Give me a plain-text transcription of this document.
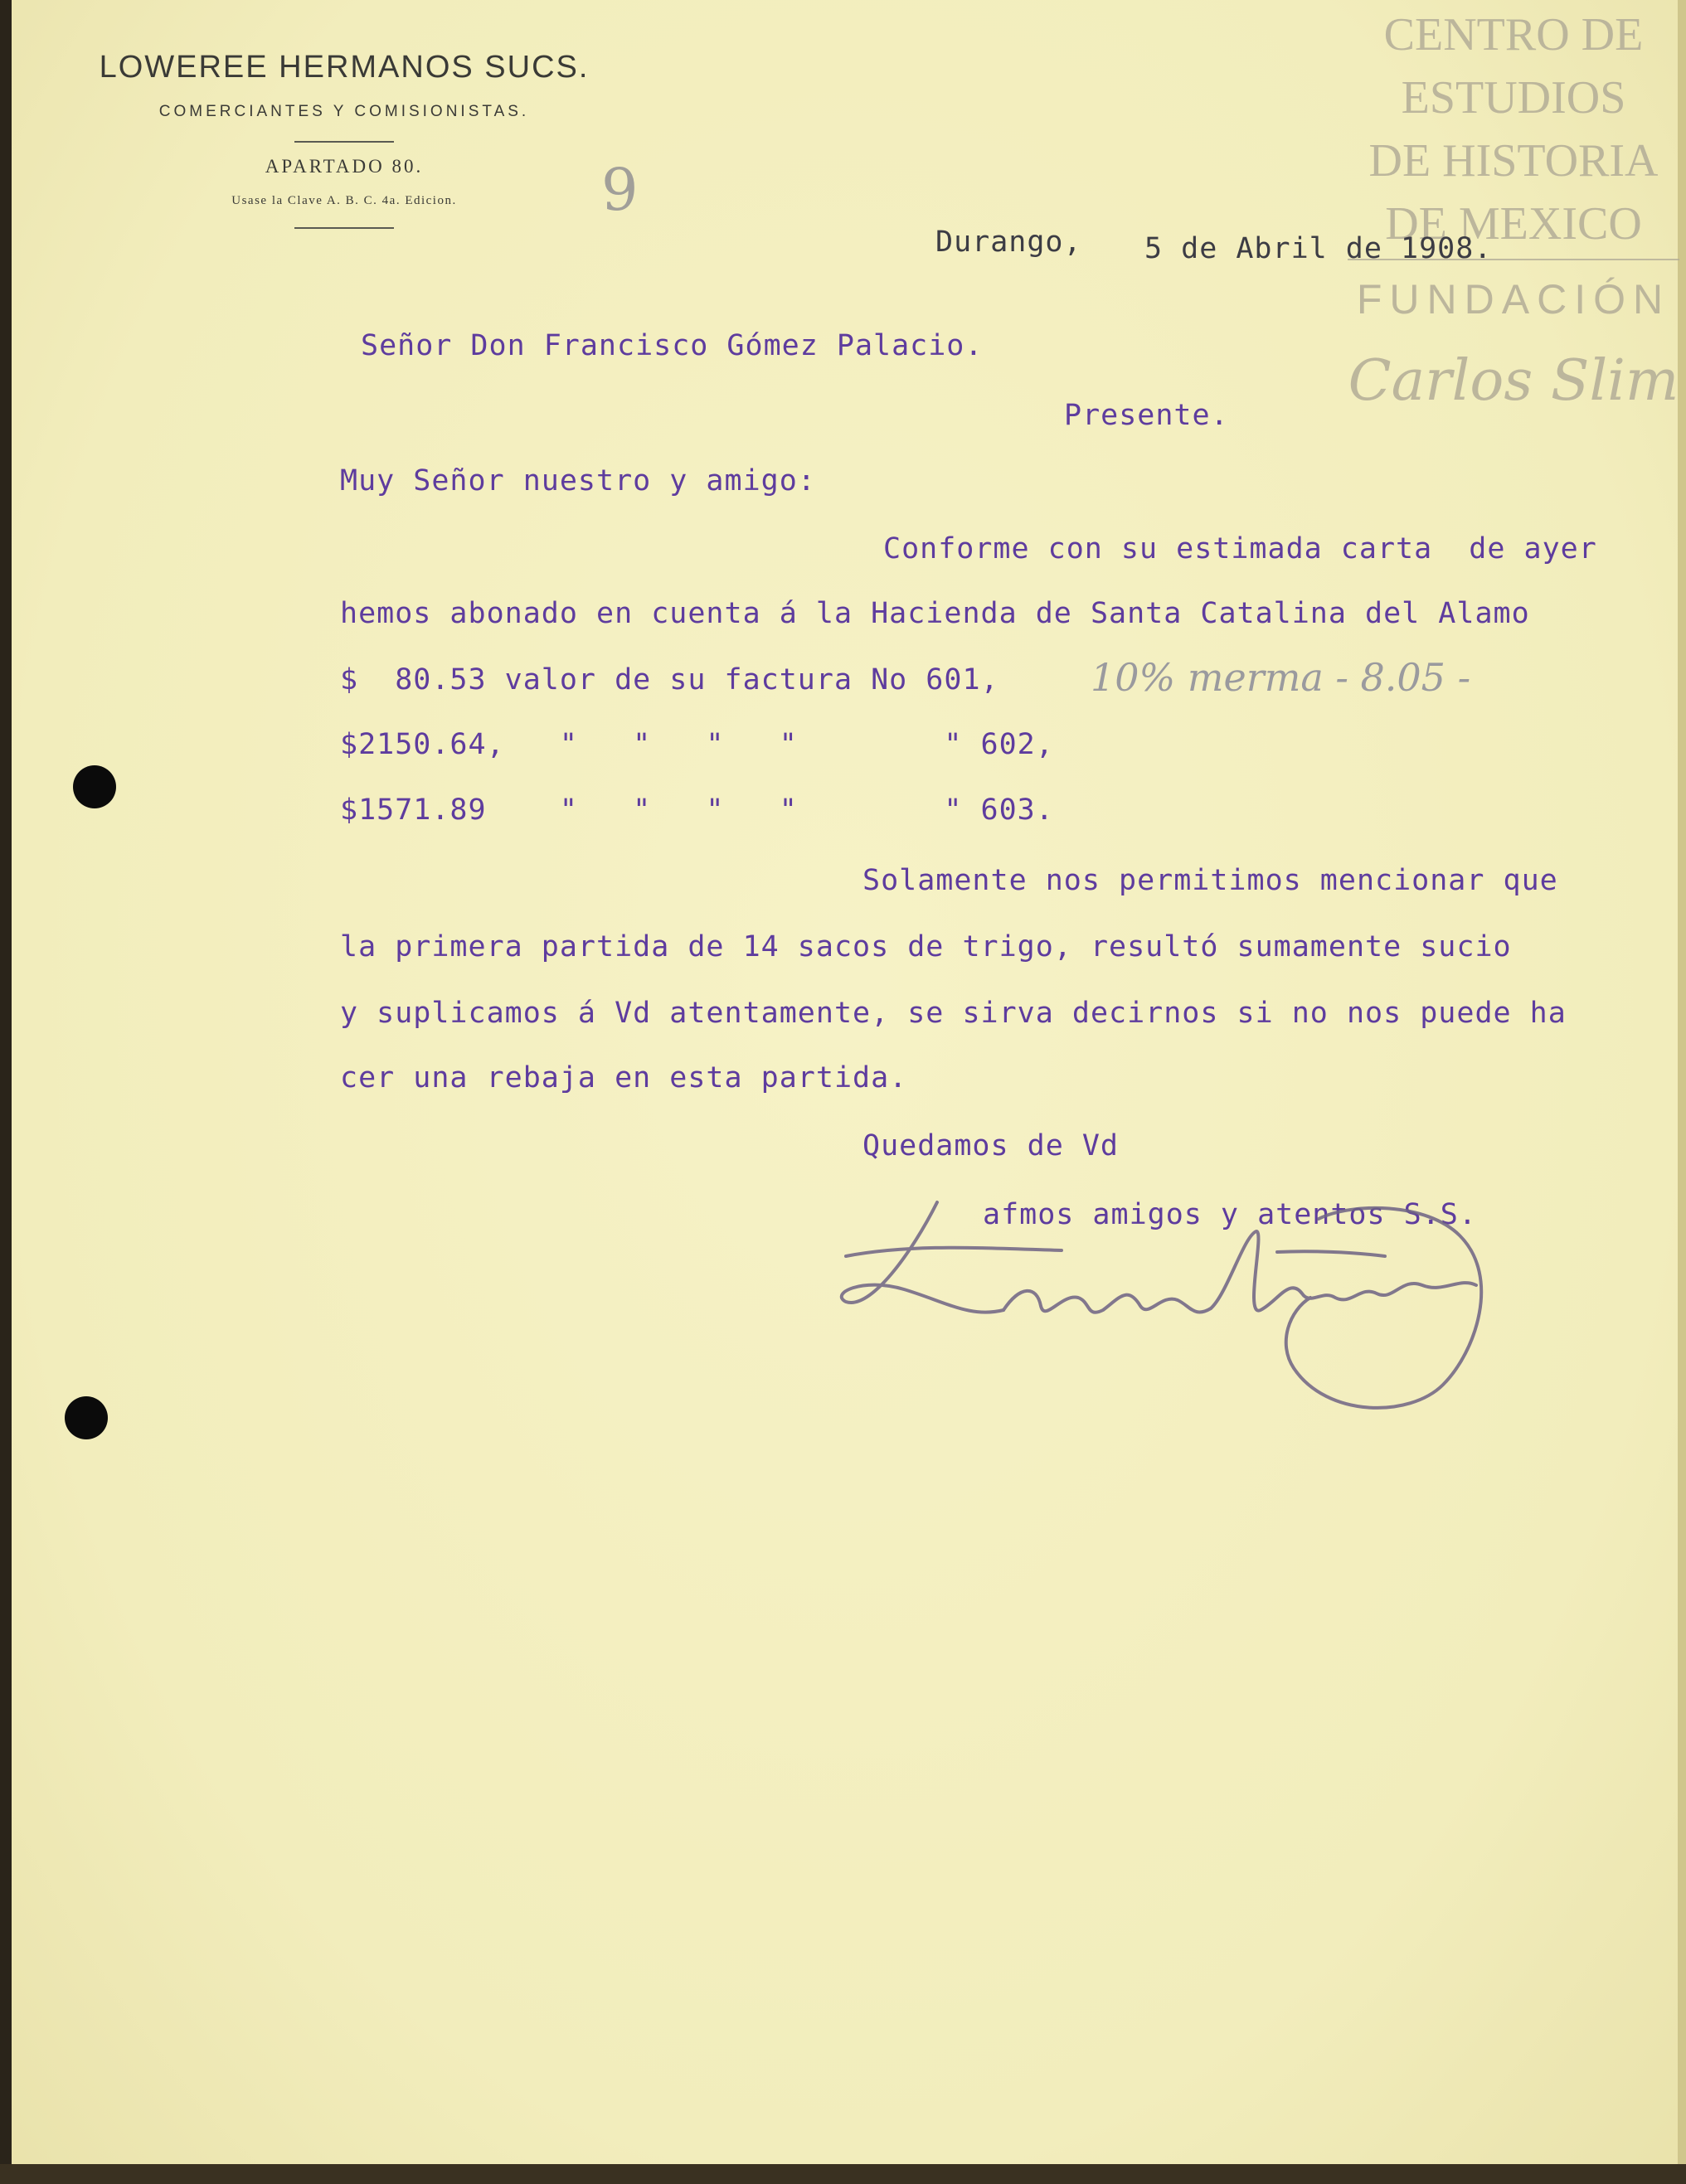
LOWEREE HERMANOS SUCS.
COMERCIANTES Y COMISIONISTAS.
APARTADO 80.
Usase la Clave A. B. C. 4a. Edicion.	9
CENTRO DE
ESTUDIOS
DE HISTORIA
DE MEXICO
FUNDACIÓN
Carlos Slim
Durango, 5 de Abril de 1908.
Señor Don Francisco Gómez Palacio.
Presente.
Muy Señor nuestro y amigo:
Conforme con su estimada carta  de ayer
hemos abonado en cuenta á la Hacienda de Santa Catalina del Alamo
$  80.53 valor de su factura No 601, 10% merma - 8.05 -
$2150.64,   "   "   "   "        " 602,
$1571.89    "   "   "   "        " 603.
Solamente nos permitimos mencionar que
la primera partida de 14 sacos de trigo, resultó sumamente sucio
y suplicamos á Vd atentamente, se sirva decirnos si no nos puede ha
cer una rebaja en esta partida.
Quedamos de Vd
afmos amigos y atentos S.S.
